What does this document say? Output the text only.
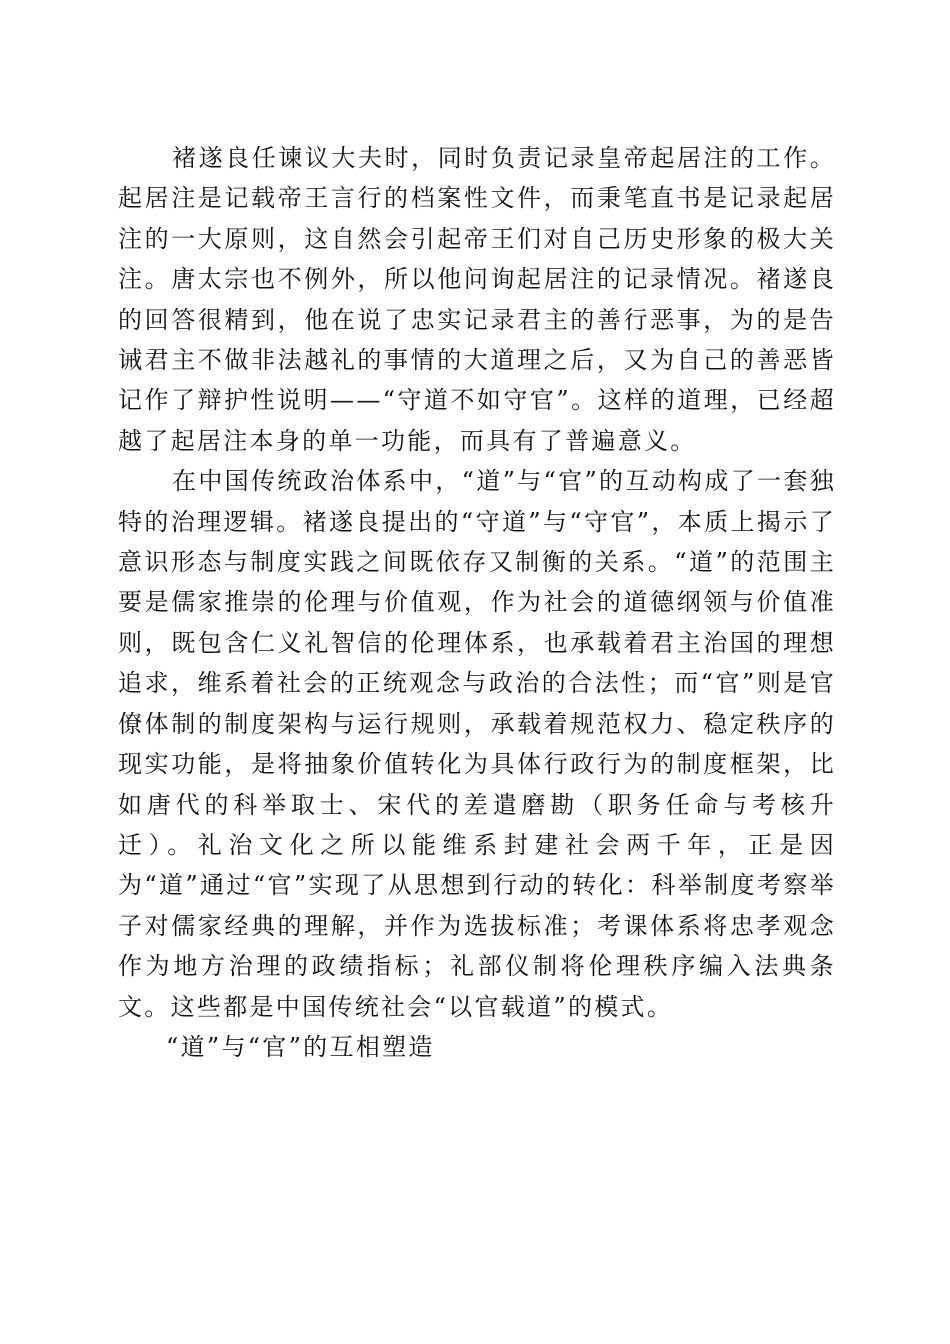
褚遂良任谏议大夫时，同时负责记录皇帝起居注的工作。起居注是记载帝王言行的档案性文件，而秉笔直书是记录起居注的一大原则，这自然会引起帝王们对自己历史形象的极大关注。唐太宗也不例外，所以他问询起居注的记录情况。褚遂良的回答很精到，他在说了忠实记录君主的善行恶事，为的是告诫君主不做非法越礼的事情的大道理之后，又为自己的善恶皆记作了辩护性说明——“守道不如守官”。这样的道理，已经超越了起居注本身的单一功能，而具有了普遍意义。

在中国传统政治体系中，“道”与“官”的互动构成了一套独特的治理逻辑。褚遂良提出的“守道”与“守官”，本质上揭示了意识形态与制度实践之间既依存又制衡的关系。“道”的范围主要是儒家推崇的伦理与价值观，作为社会的道德纲领与价值准则，既包含仁义礼智信的伦理体系，也承载着君主治国的理想追求，维系着社会的正统观念与政治的合法性；而“官”则是官僚体制的制度架构与运行规则，承载着规范权力、稳定秩序的现实功能，是将抽象价值转化为具体行政行为的制度框架，比如唐代的科举取士、宋代的差遣磨勘（职务任命与考核升迁）。礼治文化之所以能维系封建社会两千年，正是因为“道”通过“官”实现了从思想到行动的转化：科举制度考察举子对儒家经典的理解，并作为选拔标准；考课体系将忠孝观念作为地方治理的政绩指标；礼部仪制将伦理秩序编入法典条文。这些都是中国传统社会“以官载道”的模式。

“道”与“官”的互相塑造
